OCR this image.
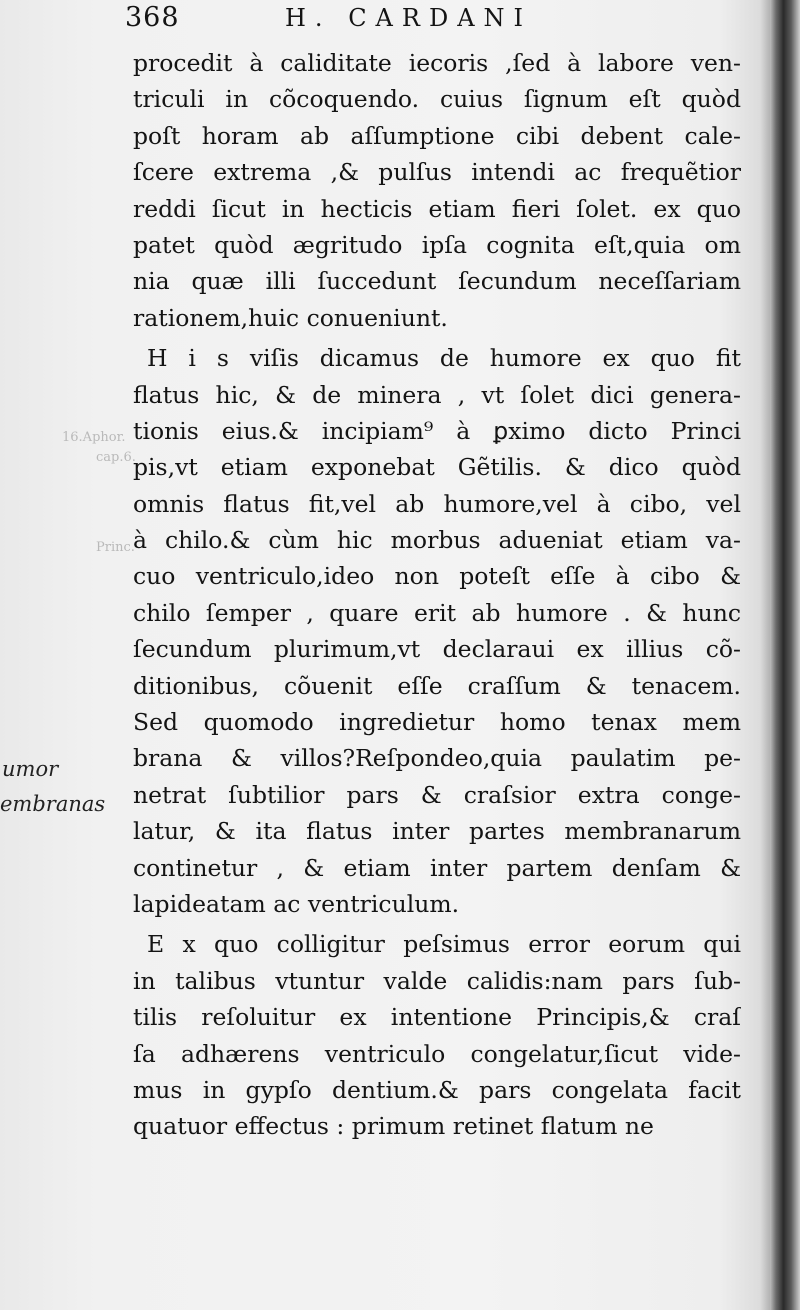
368	H. CARDANI
16.Aphor.
cap.6.
Princ.
umor
embranas
procedit à caliditate iecoris ,ſed à labore ven-
triculi in cõcoquendo. cuius ſignum eſt quòd
poſt horam ab aſſumptione cibi debent cale-
ſcere extrema ,& pulſus intendi ac frequẽtior
reddi ſicut in hecticis etiam fieri ſolet. ex quo
patet quòd ægritudo ipſa cognita eſt,quia om
nia quæ illi ſuccedunt ſecundum neceſſariam
rationem,huic conueniunt.
H i s viſis dicamus de humore ex quo fit
flatus hic, & de minera , vt ſolet dici genera-
tionis eius.& incipiam⁹ à ꝑximo dicto Princi
pis,vt etiam exponebat Gẽtilis. & dico quòd
omnis flatus fit,vel ab humore,vel à cibo, vel
à chilo.& cùm hic morbus adueniat etiam va-
cuo ventriculo,ideo non poteſt eſſe à cibo &
chilo ſemper , quare erit ab humore . & hunc
ſecundum plurimum,vt declaraui ex illius cõ-
ditionibus, cõuenit eſſe craſſum & tenacem.
Sed quomodo ingredietur homo tenax mem
brana & villos?Reſpondeo,quia paulatim pe-
netrat ſubtilior pars & craſsior extra conge-
latur, & ita flatus inter partes membranarum
continetur , & etiam inter partem denſam &
lapideatam ac ventriculum.
E x quo colligitur peſsimus error eorum qui
in talibus vtuntur valde calidis:nam pars ſub-
tilis reſoluitur ex intentione Principis,& craſ
ſa adhærens ventriculo congelatur,ſicut vide-
mus in gypſo dentium.& pars congelata facit
quatuor effectus : primum retinet flatum ne
